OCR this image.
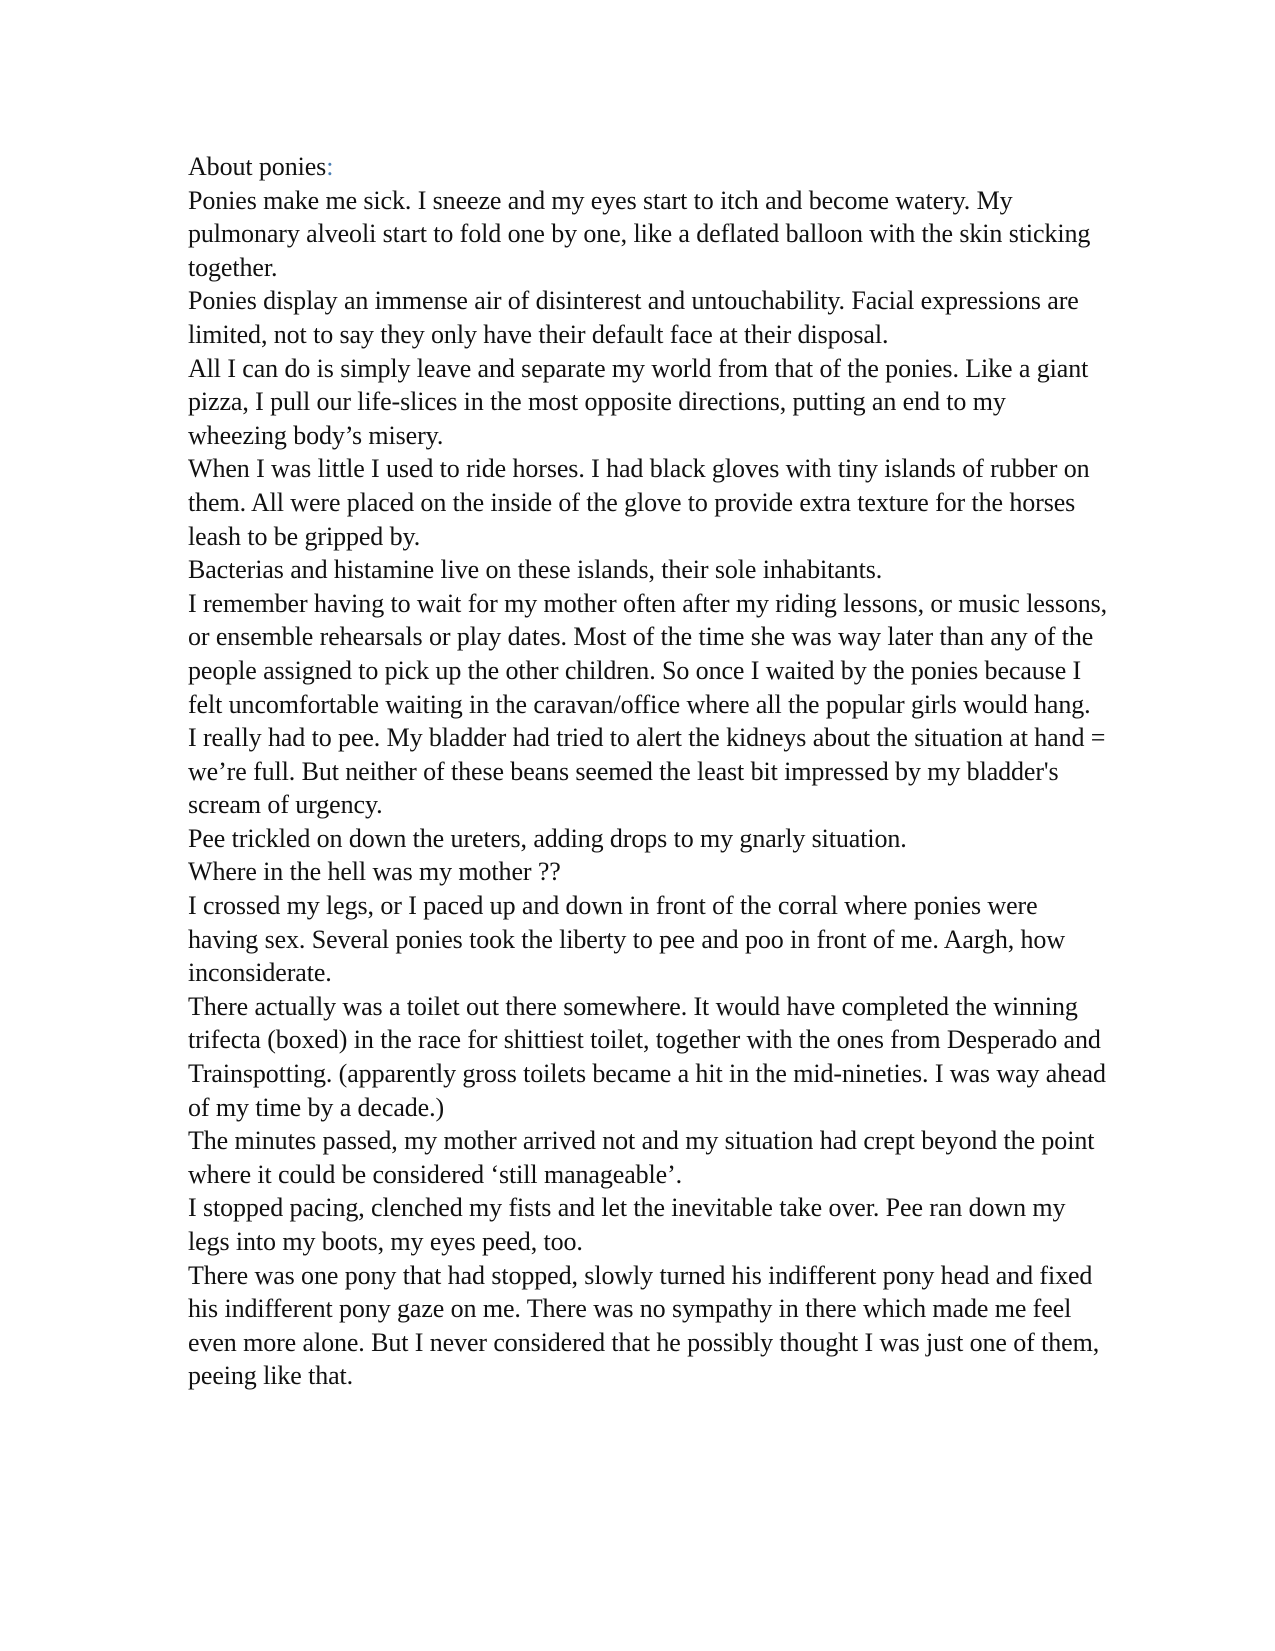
About ponies:

Ponies make me sick. I sneeze and my eyes start to itch and become watery. My pulmonary alveoli start to fold one by one, like a deflated balloon with the skin sticking together.

Ponies display an immense air of disinterest and untouchability. Facial expressions are limited, not to say they only have their default face at their disposal.

All I can do is simply leave and separate my world from that of the ponies. Like a giant pizza, I pull our life-slices in the most opposite directions, putting an end to my wheezing body’s misery.

When I was little I used to ride horses. I had black gloves with tiny islands of rubber on them. All were placed on the inside of the glove to provide extra texture for the horses leash to be gripped by.

Bacterias and histamine live on these islands, their sole inhabitants.

I remember having to wait for my mother often after my riding lessons, or music lessons, or ensemble rehearsals or play dates. Most of the time she was way later than any of the people assigned to pick up the other children. So once I waited by the ponies because I felt uncomfortable waiting in the caravan/office where all the popular girls would hang.

I really had to pee. My bladder had tried to alert the kidneys about the situation at hand = we’re full. But neither of these beans seemed the least bit impressed by my bladder's scream of urgency.

Pee trickled on down the ureters, adding drops to my gnarly situation.

Where in the hell was my mother ??

I crossed my legs, or I paced up and down in front of the corral where ponies were having sex. Several ponies took the liberty to pee and poo in front of me. Aargh, how inconsiderate.

There actually was a toilet out there somewhere. It would have completed the winning trifecta (boxed) in the race for shittiest toilet, together with the ones from Desperado and Trainspotting. (apparently gross toilets became a hit in the mid-nineties. I was way ahead of my time by a decade.)

The minutes passed, my mother arrived not and my situation had crept beyond the point where it could be considered ‘still manageable’.

I stopped pacing, clenched my fists and let the inevitable take over. Pee ran down my legs into my boots, my eyes peed, too.

There was one pony that had stopped, slowly turned his indifferent pony head and fixed his indifferent pony gaze on me. There was no sympathy in there which made me feel even more alone. But I never considered that he possibly thought I was just one of them, peeing like that.
